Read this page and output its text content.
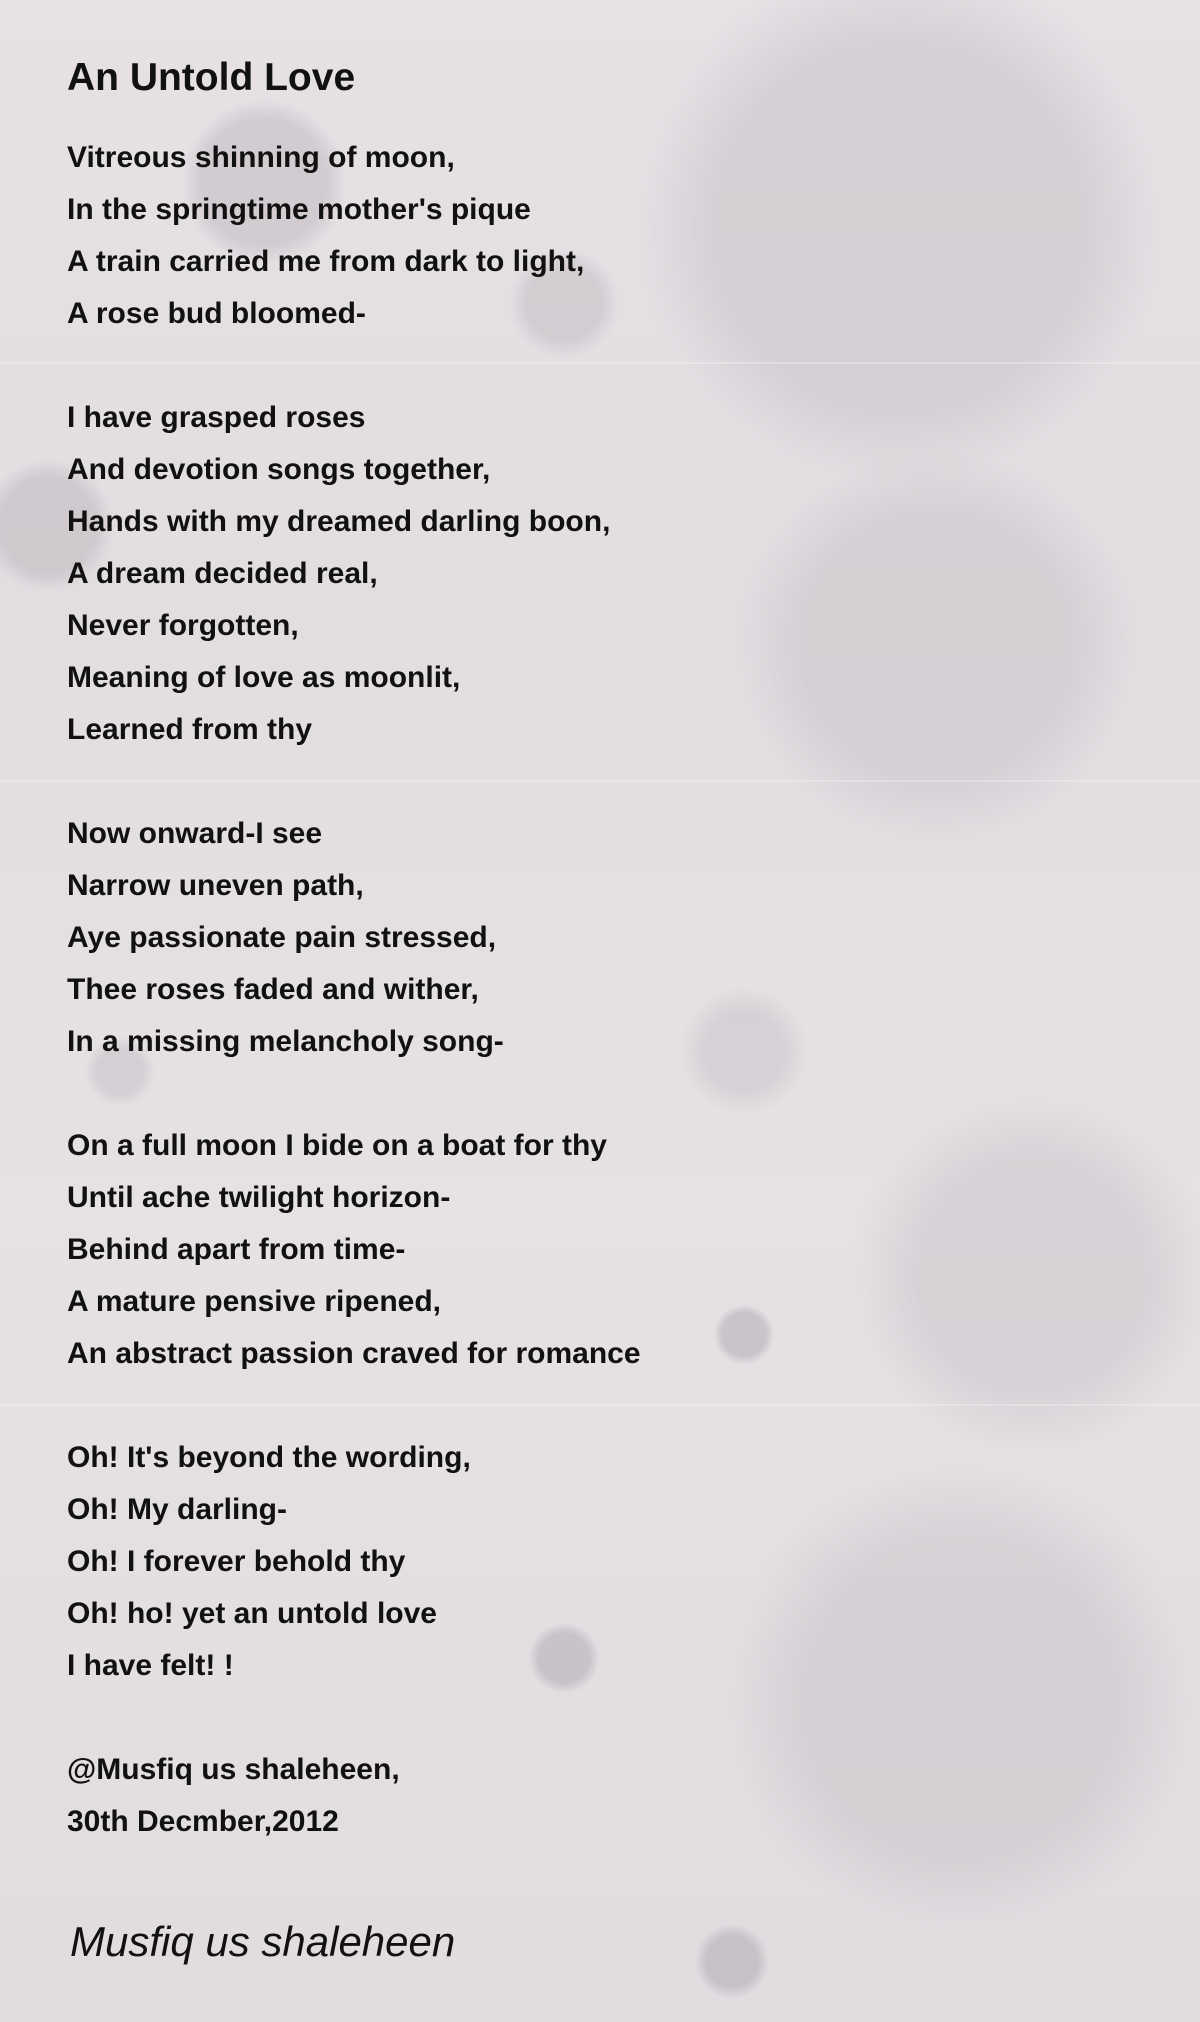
An Untold Love
Vitreous shinning of moon,
In the springtime mother's pique
A train carried me from dark to light,
A rose bud bloomed-
I have grasped roses
And devotion songs together,
Hands with my dreamed darling boon,
A dream decided real,
Never forgotten,
Meaning of love as moonlit,
Learned from thy
Now onward-I see
Narrow uneven path,
Aye passionate pain stressed,
Thee roses faded and wither,
In a missing melancholy song-
On a full moon I bide on a boat for thy
Until ache twilight horizon-
Behind apart from time-
A mature pensive ripened,
An abstract passion craved for romance
Oh! It's beyond the wording,
Oh! My darling-
Oh! I forever behold thy
Oh! ho! yet an untold love
I have felt! !
@Musfiq us shaleheen,
30th Decmber,2012
Musfiq us shaleheen
